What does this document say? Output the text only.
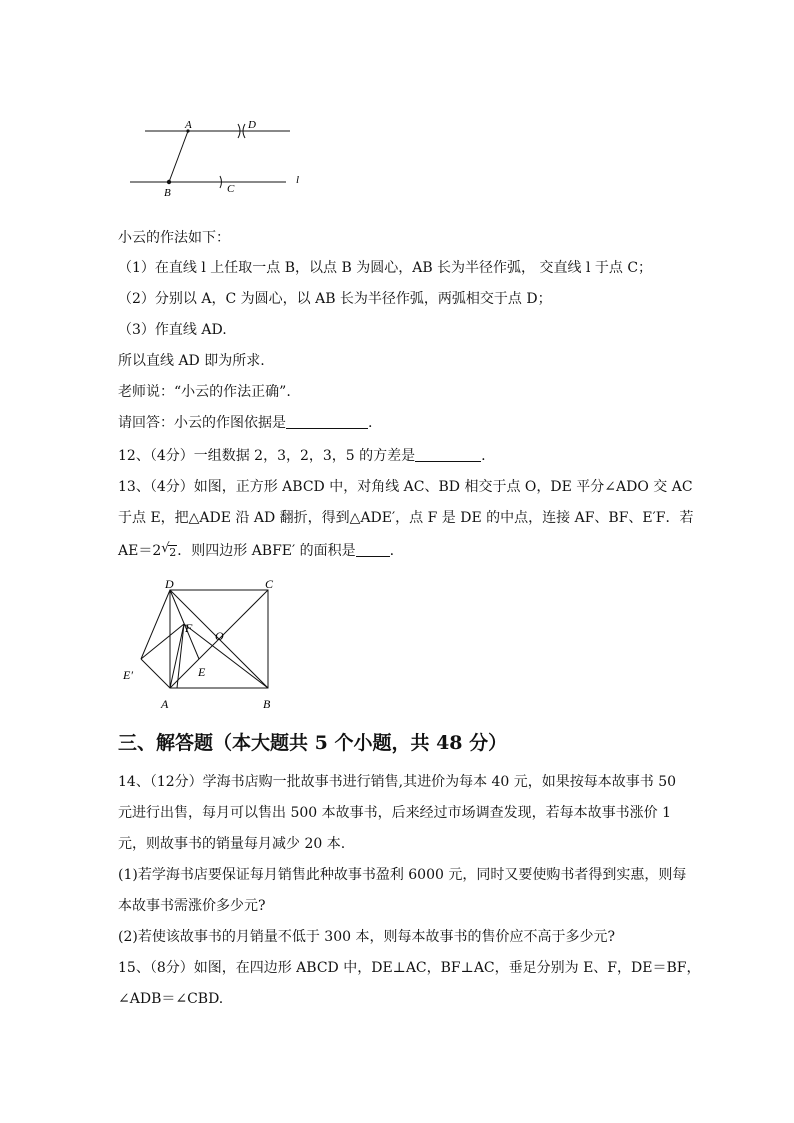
A	D
B	C
l
小云的作法如下：
（1）在直线 l 上任取一点 B，以点 B 为圆心，AB 长为半径作弧， 交直线 l 于点 C；
（2）分别以 A，C 为圆心，以 AB 长为半径作弧，两弧相交于点 D；
（3）作直线 AD.
所以直线 AD 即为所求.
老师说：“小云的作法正确”.
请回答：小云的作图依据是	.
12、（4分）一组数据 2，3，2，3，5 的方差是	.
13、（4分）如图，正方形 ABCD 中，对角线 AC、BD 相交于点 O，DE 平分∠ADO 交 AC
于点 E，把△ADE 沿 AD 翻折，得到△ADE′，点 F 是 DE 的中点，连接 AF、BF、E′F．若
AE＝2 √ 2．则四边形 ABFE′ 的面积是 .
D	C
F
O
E
E′
A	B
三、解答题（本大题共 5 个小题，共 48 分）
14、（12分）学海书店购一批故事书进行销售,其进价为每本 40 元，如果按每本故事书 50
元进行出售，每月可以售出 500 本故事书，后来经过市场调查发现，若每本故事书涨价 1
元，则故事书的销量每月减少 20 本.
(1)若学海书店要保证每月销售此种故事书盈利 6000 元，同时又要使购书者得到实惠，则每
本故事书需涨价多少元?
(2)若使该故事书的月销量不低于 300 本，则每本故事书的售价应不高于多少元?
15、（8分）如图，在四边形 ABCD 中，DE⊥AC，BF⊥AC，垂足分别为 E、F，DE＝BF，
∠ADB＝∠CBD.
